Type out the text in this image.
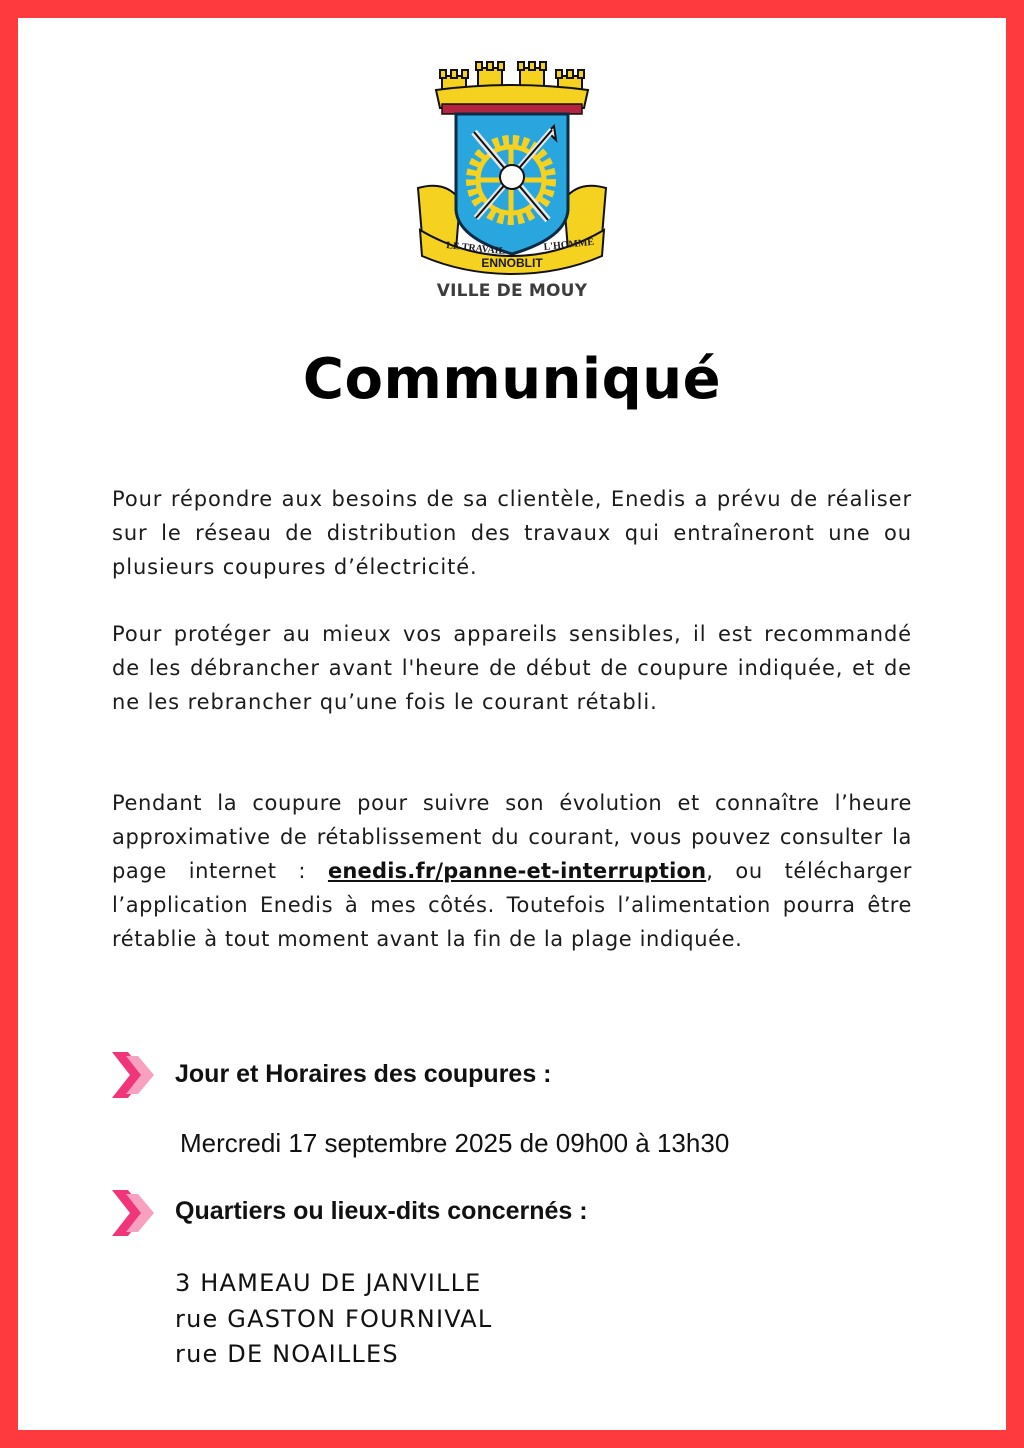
LE TRAVAIL	L'HOMME
ENNOBLIT
VILLE DE MOUY
Communiqué

Pour répondre aux besoins de sa clientèle, Enedis a prévu de réaliser sur le réseau de distribution des travaux qui entraîneront une ou plusieurs coupures d’électricité.

Pour protéger au mieux vos appareils sensibles, il est recommandé de les débrancher avant l'heure de début de coupure indiquée, et de ne les rebrancher qu’une fois le courant rétabli.

Pendant la coupure pour suivre son évolution et connaître l’heure approximative de rétablissement du courant, vous pouvez consulter la page internet : enedis.fr/panne-et-interruption, ou télécharger l’application Enedis à mes côtés. Toutefois l’alimentation pourra être rétablie à tout moment avant la fin de la plage indiquée.

Jour et Horaires des coupures :
Mercredi 17 septembre 2025 de 09h00 à 13h30
Quartiers ou lieux-dits concernés :
3 HAMEAU DE JANVILLE
rue GASTON FOURNIVAL
rue DE NOAILLES
